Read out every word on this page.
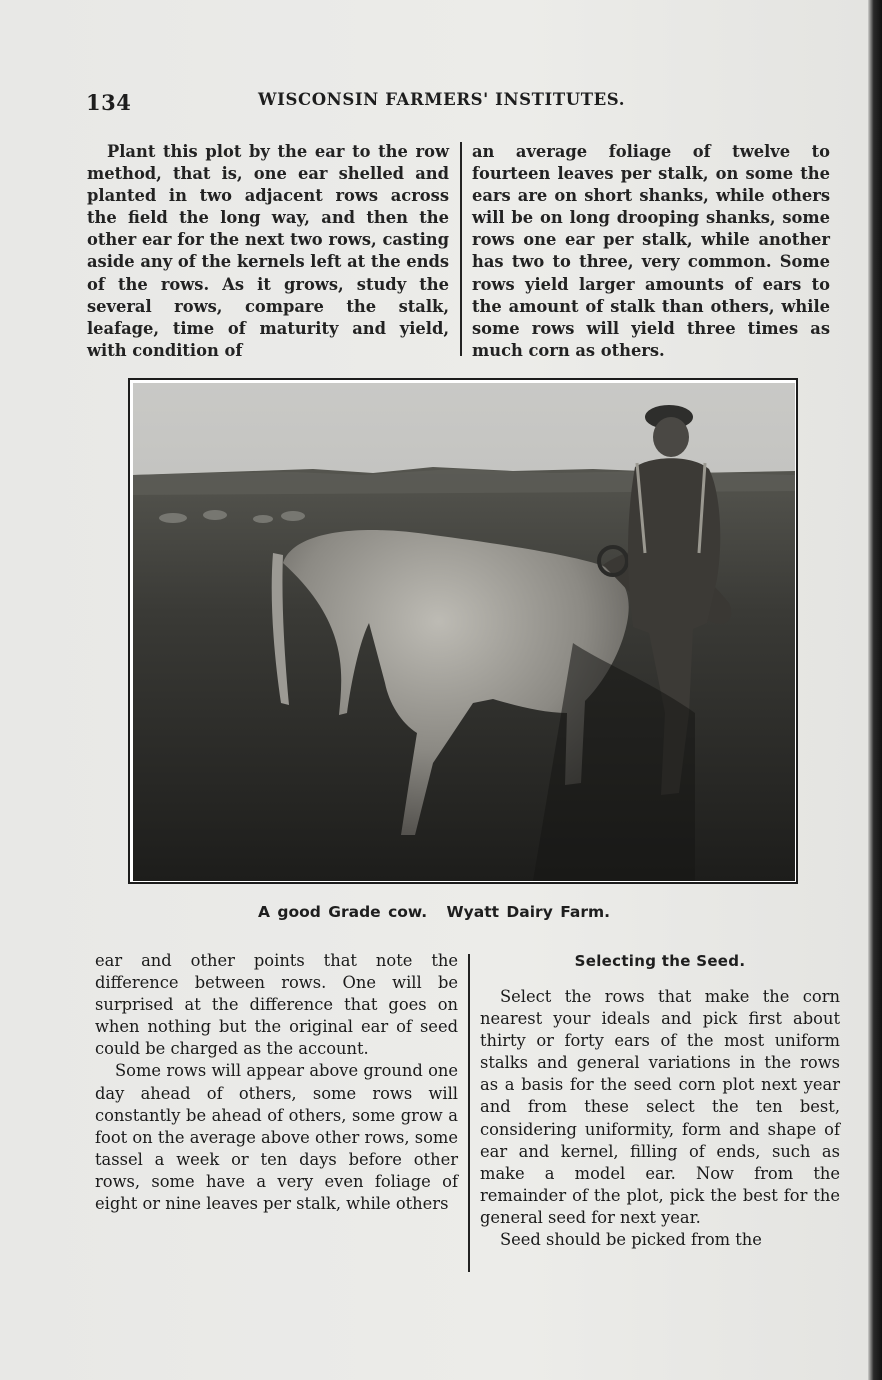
134	WISCONSIN FARMERS' INSTITUTES.

Plant this plot by the ear to the row method, that is, one ear shelled and planted in two adjacent rows across the field the long way, and then the other ear for the next two rows, casting aside any of the kernels left at the ends of the rows. As it grows, study the several rows, compare the stalk, leafage, time of maturity and yield, with condition of

an average foliage of twelve to fourteen leaves per stalk, on some the ears are on short shanks, while others will be on long drooping shanks, some rows one ear per stalk, while another has two to three, very common. Some rows yield larger amounts of ears to the amount of stalk than others, while some rows will yield three times as much corn as others.

A good Grade cow. Wyatt Dairy Farm.

ear and other points that note the difference between rows. One will be surprised at the difference that goes on when nothing but the original ear of seed could be charged as the account.

Some rows will appear above ground one day ahead of others, some rows will constantly be ahead of others, some grow a foot on the average above other rows, some tassel a week or ten days before other rows, some have a very even foliage of eight or nine leaves per stalk, while others

Selecting the Seed.

Select the rows that make the corn nearest your ideals and pick first about thirty or forty ears of the most uniform stalks and general variations in the rows as a basis for the seed corn plot next year and from these select the ten best, considering uniformity, form and shape of ear and kernel, filling of ends, such as make a model ear. Now from the remainder of the plot, pick the best for the general seed for next year.

Seed should be picked from the
